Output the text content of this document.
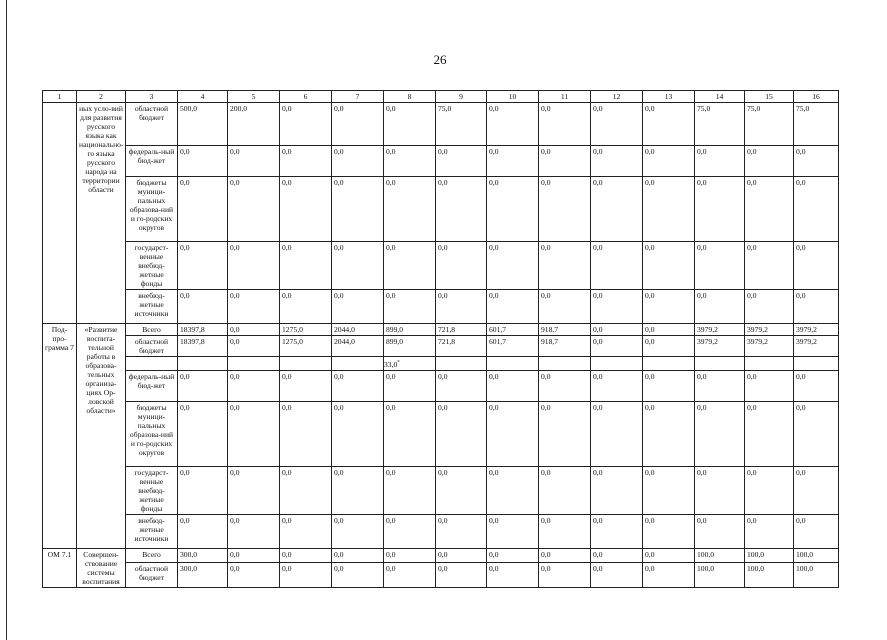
26
1	2	3	4	5	6	7	8	9	10	11	12	13	14	15	16
	ных усло-вий для развития русского языка как национально-го языка русского народа на территории области	областной бюджет	500,0	200,0	0,0	0,0	0,0	75,0	0,0	0,0	0,0	0,0	75,0	75,0	75,0
		федераль-ный бюд-жет	0,0	0,0	0,0	0,0	0,0	0,0	0,0	0,0	0,0	0,0	0,0	0,0	0,0
		бюджеты муници-пальных образова-ний и го-родских округов	0,0	0,0	0,0	0,0	0,0	0,0	0,0	0,0	0,0	0,0	0,0	0,0	0,0
		государст-венные внебюд-жетные фонды	0,0	0,0	0,0	0,0	0,0	0,0	0,0	0,0	0,0	0,0	0,0	0,0	0,0
		внебюд-жетные источники	0,0	0,0	0,0	0,0	0,0	0,0	0,0	0,0	0,0	0,0	0,0	0,0	0,0
Под-про-грамма 7	«Развитие воспита-тельной работы в образова-тельных организа-циях Ор-ловской области»	Всего	18397,8	0,0	1275,0	2044,0	899,0	721,8	601,7	918,7	0,0	0,0	3979,2	3979,2	3979,2
		областной бюджет	18397,8	0,0	1275,0	2044,0	899,0	721,8	601,7	918,7	0,0	0,0	3979,2	3979,2	3979,2
							33,0*								
		федераль-ный бюд-жет	0,0	0,0	0,0	0,0	0,0	0,0	0,0	0,0	0,0	0,0	0,0	0,0	0,0
		бюджеты муници-пальных образова-ний и го-родских округов	0,0	0,0	0,0	0,0	0,0	0,0	0,0	0,0	0,0	0,0	0,0	0,0	0,0
		государст-венные внебюд-жетные фонды	0,0	0,0	0,0	0,0	0,0	0,0	0,0	0,0	0,0	0,0	0,0	0,0	0,0
		внебюд-жетные источники	0,0	0,0	0,0	0,0	0,0	0,0	0,0	0,0	0,0	0,0	0,0	0,0	0,0
ОМ 7.1	Совершен-ствование системы воспитания	Всего	300,0	0,0	0,0	0,0	0,0	0,0	0,0	0,0	0,0	0,0	100,0	100,0	100,0
		областной бюджет	300,0	0,0	0,0	0,0	0,0	0,0	0,0	0,0	0,0	0,0	100,0	100,0	100,0
